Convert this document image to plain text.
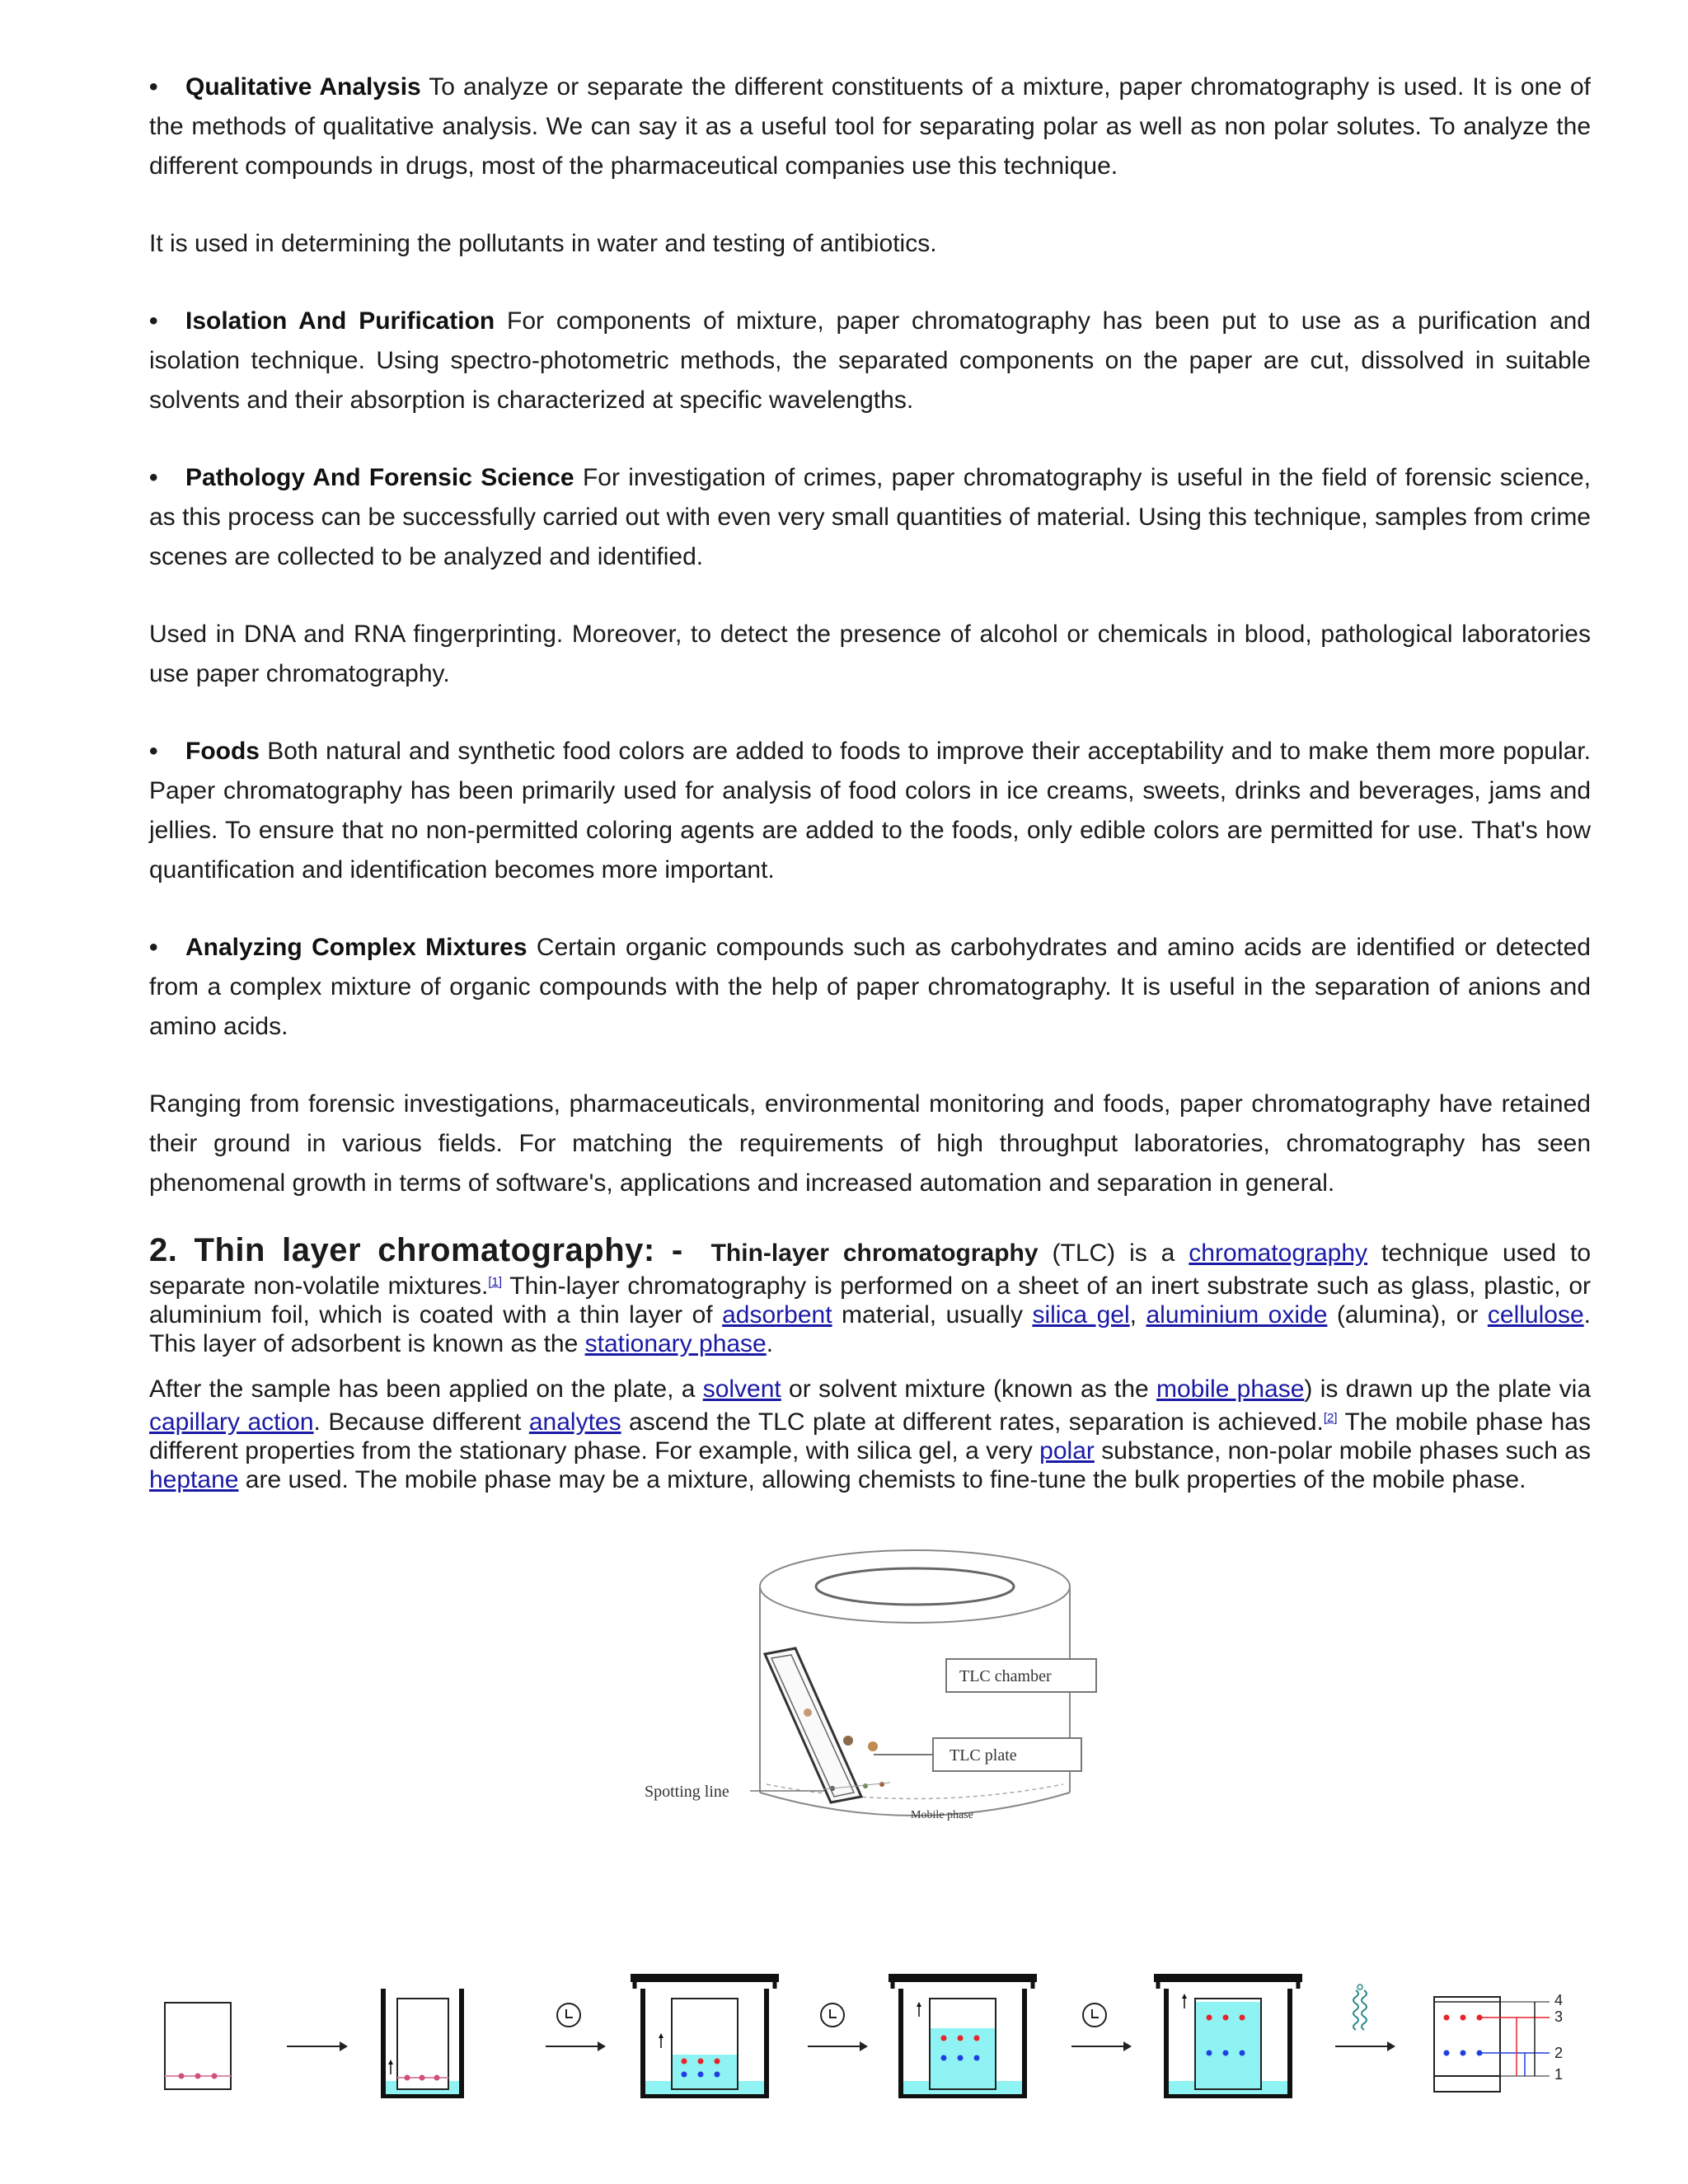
• Qualitative Analysis To analyze or separate the different constituents of a mixture, paper chromatography is used. It is one of the methods of qualitative analysis. We can say it as a useful tool for separating polar as well as non polar solutes. To analyze the different compounds in drugs, most of the pharmaceutical companies use this technique.

It is used in determining the pollutants in water and testing of antibiotics.

• Isolation And Purification For components of mixture, paper chromatography has been put to use as a purification and isolation technique. Using spectro-photometric methods, the separated components on the paper are cut, dissolved in suitable solvents and their absorption is characterized at specific wavelengths.

• Pathology And Forensic Science For investigation of crimes, paper chromatography is useful in the field of forensic science, as this process can be successfully carried out with even very small quantities of material. Using this technique, samples from crime scenes are collected to be analyzed and identified.

Used in DNA and RNA fingerprinting. Moreover, to detect the presence of alcohol or chemicals in blood, pathological laboratories use paper chromatography.

• Foods Both natural and synthetic food colors are added to foods to improve their acceptability and to make them more popular. Paper chromatography has been primarily used for analysis of food colors in ice creams, sweets, drinks and beverages, jams and jellies. To ensure that no non-permitted coloring agents are added to the foods, only edible colors are permitted for use. That's how quantification and identification becomes more important.

• Analyzing Complex Mixtures Certain organic compounds such as carbohydrates and amino acids are identified or detected from a complex mixture of organic compounds with the help of paper chromatography. It is useful in the separation of anions and amino acids.

Ranging from forensic investigations, pharmaceuticals, environmental monitoring and foods, paper chromatography have retained their ground in various fields. For matching the requirements of high throughput laboratories, chromatography has seen phenomenal growth in terms of software's, applications and increased automation and separation in general.

2. Thin layer chromatography: - Thin-layer chromatography (TLC) is a chromatography technique used to separate non-volatile mixtures.[1] Thin-layer chromatography is performed on a sheet of an inert substrate such as glass, plastic, or aluminium foil, which is coated with a thin layer of adsorbent material, usually silica gel, aluminium oxide (alumina), or cellulose. This layer of adsorbent is known as the stationary phase.

After the sample has been applied on the plate, a solvent or solvent mixture (known as the mobile phase) is drawn up the plate via capillary action. Because different analytes ascend the TLC plate at different rates, separation is achieved.[2] The mobile phase has different properties from the stationary phase. For example, with silica gel, a very polar substance, non-polar mobile phases such as heptane are used. The mobile phase may be a mixture, allowing chemists to fine-tune the bulk properties of the mobile phase.

TLC chamber
TLC plate
Spotting line
Mobile phase
4
3
2
1
